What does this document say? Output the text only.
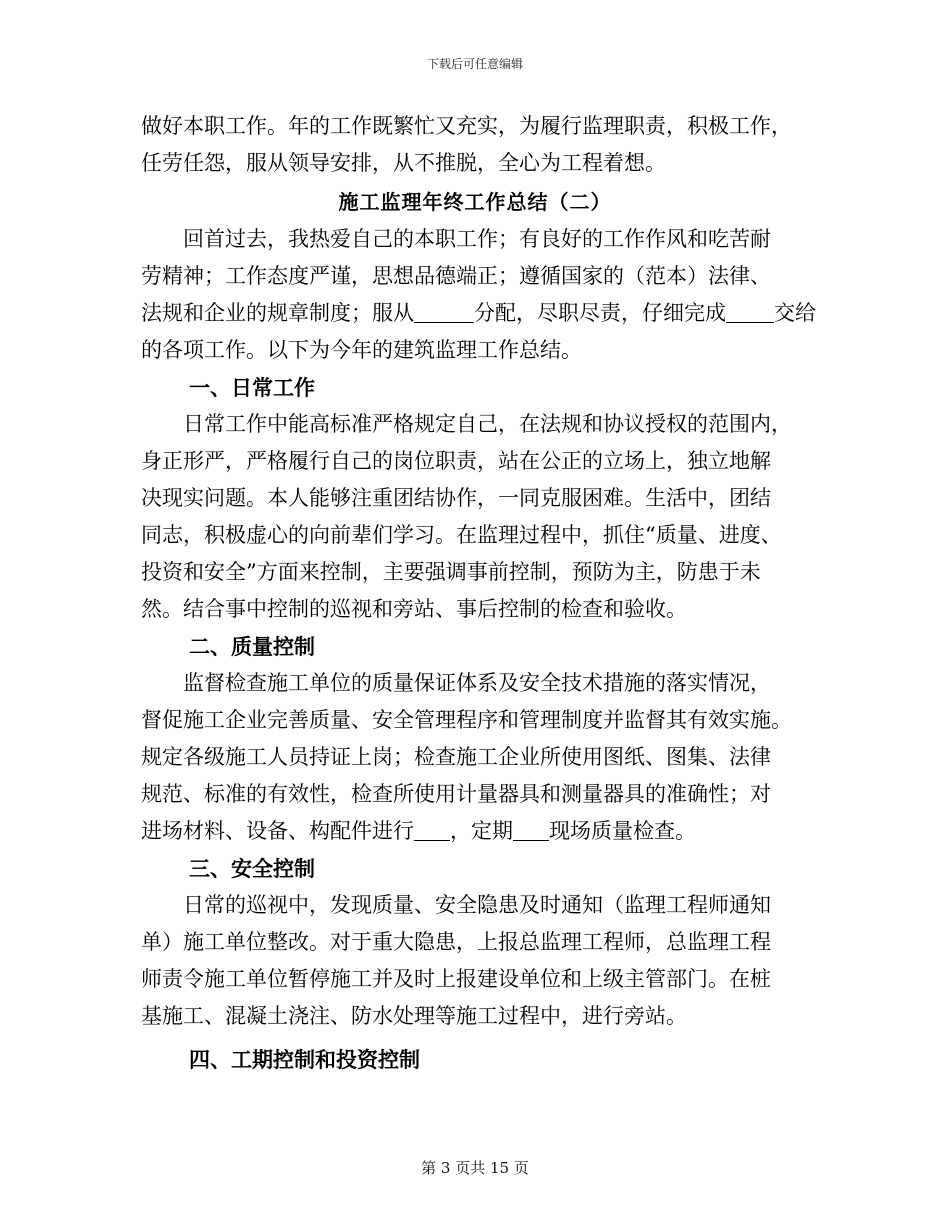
下载后可任意编辑
做好本职工作。年的工作既繁忙又充实，为履行监理职责，积极工作，
任劳任怨，服从领导安排，从不推脱，全心为工程着想。
施工监理年终工作总结（二）
　　回首过去，我热爱自己的本职工作；有良好的工作作风和吃苦耐
劳精神；工作态度严谨，思想品德端正；遵循国家的（范本）法律、
法规和企业的规章制度；服从	分配，尽职尽责，仔细完成 交给
的各项工作。以下为今年的建筑监理工作总结。
一、日常工作
　　日常工作中能高标准严格规定自己，在法规和协议授权的范围内，
身正形严，严格履行自己的岗位职责，站在公正的立场上，独立地解
决现实问题。本人能够注重团结协作，一同克服困难。生活中，团结
同志，积极虚心的向前辈们学习。在监理过程中，抓住“质量、进度、
投资和安全”方面来控制，主要强调事前控制，预防为主，防患于未
然。结合事中控制的巡视和旁站、事后控制的检查和验收。
二、质量控制
　　监督检查施工单位的质量保证体系及安全技术措施的落实情况，
督促施工企业完善质量、安全管理程序和管理制度并监督其有效实施。
规定各级施工人员持证上岗；检查施工企业所使用图纸、图集、法律
规范、标准的有效性，检查所使用计量器具和测量器具的准确性；对
进场材料、设备、构配件进行 ，定期 现场质量检查。
三、安全控制
　　日常的巡视中，发现质量、安全隐患及时通知（监理工程师通知
单）施工单位整改。对于重大隐患，上报总监理工程师，总监理工程
师责令施工单位暂停施工并及时上报建设单位和上级主管部门。在桩
基施工、混凝土浇注、防水处理等施工过程中，进行旁站。
四、工期控制和投资控制
第 3 页共 15 页
